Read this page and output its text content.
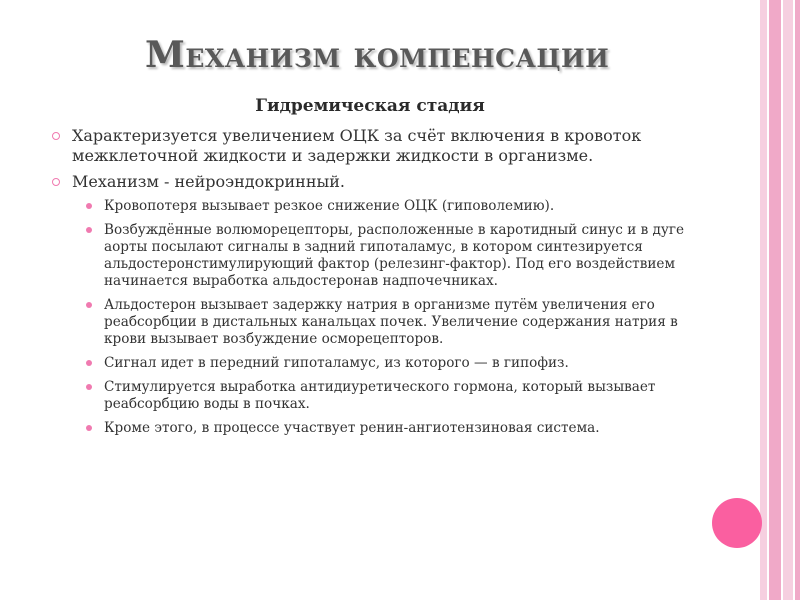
Механизм компенсации
Гидремическая стадия
Характеризуется увеличением ОЦК за счёт включения в кровоток межклеточной жидкости и задержки жидкости в организме.
Механизм - нейроэндокринный.
Кровопотеря вызывает резкое снижение ОЦК (гиповолемию).
Возбуждённые волюморецепторы, расположенные в каротидный синус и в дуге аорты посылают сигналы в задний гипоталамус, в котором синтезируется альдостеронстимулирующий фактор (релезинг-фактор). Под его воздействием начинается выработка альдостеронав надпочечниках.
Альдостерон вызывает задержку натрия в организме путём увеличения его реабсорбции в дистальных канальцах почек. Увеличение содержания натрия в крови вызывает возбуждение осморецепторов.
Сигнал идет в передний гипоталамус, из которого — в гипофиз.
Стимулируется выработка антидиуретического гормона, который вызывает реабсорбцию воды в почках.
Кроме этого, в процессе участвует ренин-ангиотензиновая система.
